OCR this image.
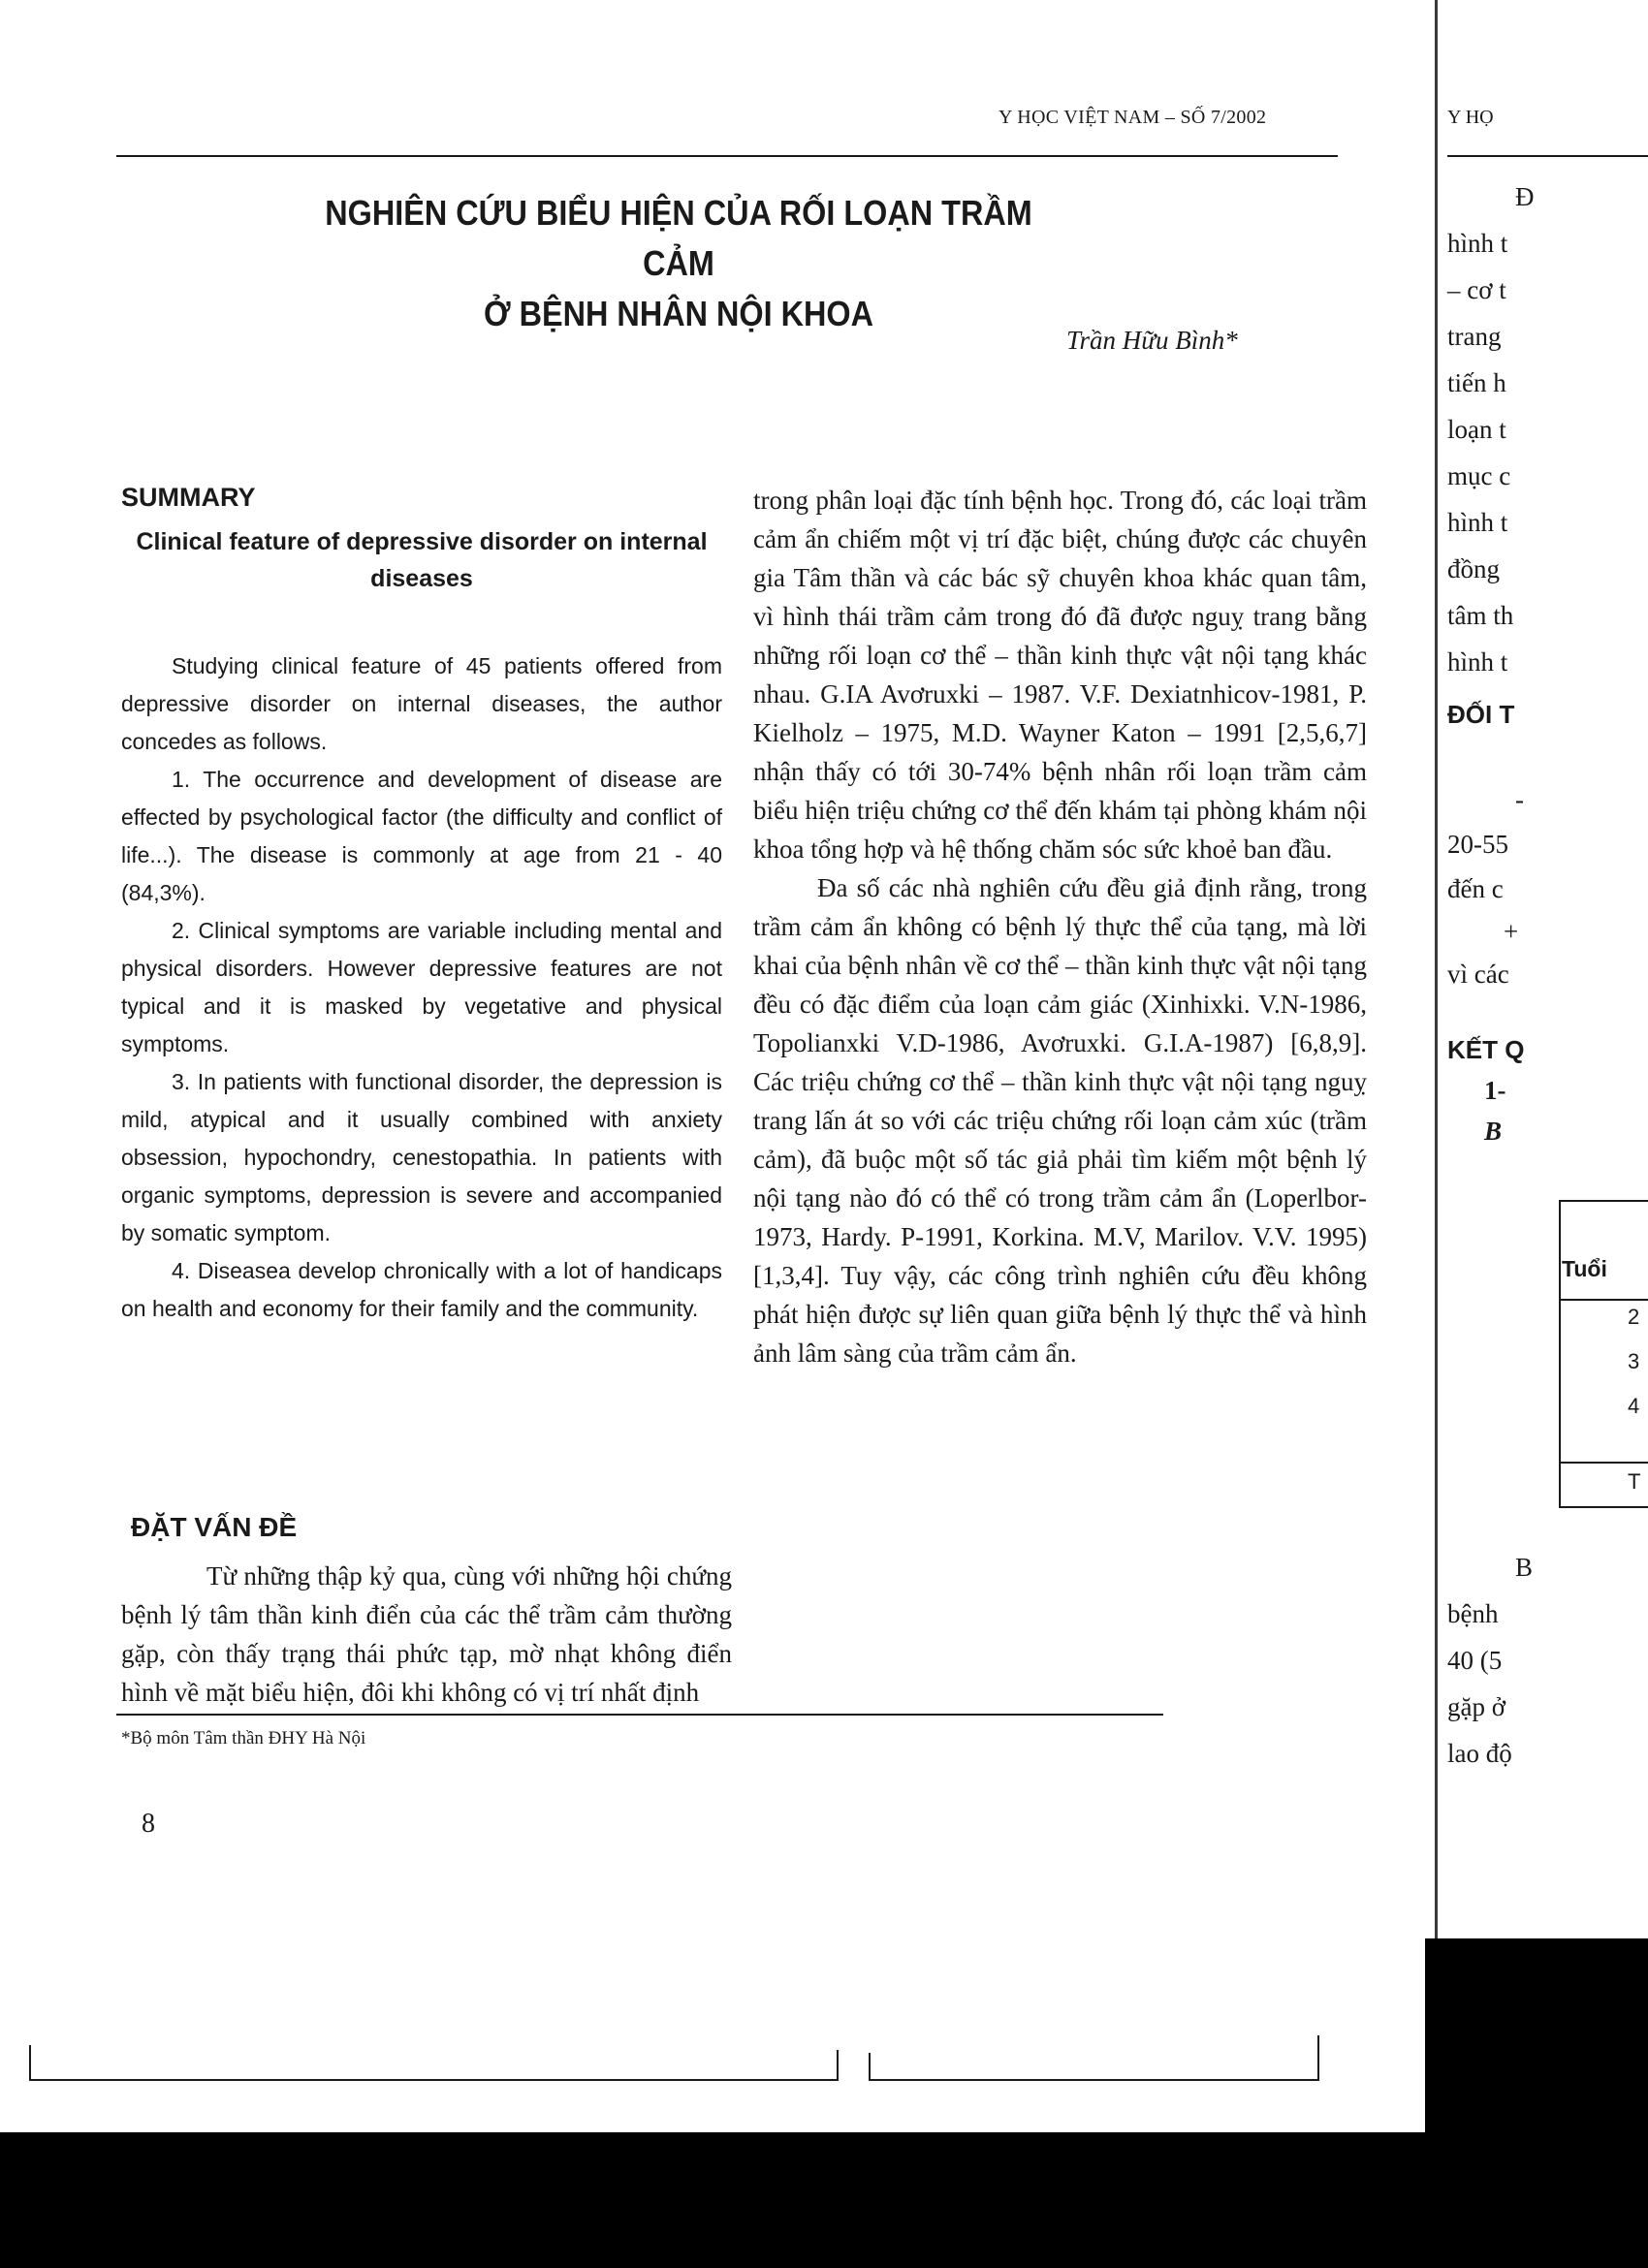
Y HỌC VIỆT NAM – SỐ 7/2002
NGHIÊN CỨU BIỂU HIỆN CỦA RỐI LOẠN TRẦM CẢM
Ở BỆNH NHÂN NỘI KHOA
Trần Hữu Bình*
SUMMARY
Clinical feature of depressive disorder on internal diseases

Studying clinical feature of 45 patients offered from depressive disorder on internal diseases, the author concedes as follows.

1. The occurrence and development of disease are effected by psychological factor (the difficulty and conflict of life...). The disease is commonly at age from 21 - 40 (84,3%).

2. Clinical symptoms are variable including mental and physical disorders. However depressive features are not typical and it is masked by vegetative and physical symptoms.

3. In patients with functional disorder, the depression is mild, atypical and it usually combined with anxiety obsession, hypochondry, cenestopathia. In patients with organic symptoms, depression is severe and accompanied by somatic symptom.

4. Diseasea develop chronically with a lot of handicaps on health and economy for their family and the community.

ĐẶT VẤN ĐỀ

Từ những thập kỷ qua, cùng với những hội chứng bệnh lý tâm thần kinh điển của các thể trầm cảm thường gặp, còn thấy trạng thái phức tạp, mờ nhạt không điển hình về mặt biểu hiện, đôi khi không có vị trí nhất định

trong phân loại đặc tính bệnh học. Trong đó, các loại trầm cảm ẩn chiếm một vị trí đặc biệt, chúng được các chuyên gia Tâm thần và các bác sỹ chuyên khoa khác quan tâm, vì hình thái trầm cảm trong đó đã được nguỵ trang bằng những rối loạn cơ thể – thần kinh thực vật nội tạng khác nhau. G.IA Avơruxki – 1987. V.F. Dexiatnhicov-1981, P. Kielholz – 1975, M.D. Wayner Katon – 1991 [2,5,6,7] nhận thấy có tới 30-74% bệnh nhân rối loạn trầm cảm biểu hiện triệu chứng cơ thể đến khám tại phòng khám nội khoa tổng hợp và hệ thống chăm sóc sức khoẻ ban đầu.

Đa số các nhà nghiên cứu đều giả định rằng, trong trầm cảm ẩn không có bệnh lý thực thể của tạng, mà lời khai của bệnh nhân về cơ thể – thần kinh thực vật nội tạng đều có đặc điểm của loạn cảm giác (Xinhixki. V.N-1986, Topolianxki V.D-1986, Avơruxki. G.I.A-1987) [6,8,9]. Các triệu chứng cơ thể – thần kinh thực vật nội tạng nguỵ trang lấn át so với các triệu chứng rối loạn cảm xúc (trầm cảm), đã buộc một số tác giả phải tìm kiếm một bệnh lý nội tạng nào đó có thể có trong trầm cảm ẩn (Loperlbor-1973, Hardy. P-1991, Korkina. M.V, Marilov. V.V. 1995) [1,3,4]. Tuy vậy, các công trình nghiên cứu đều không phát hiện được sự liên quan giữa bệnh lý thực thể và hình ảnh lâm sàng của trầm cảm ẩn.

*Bộ môn Tâm thần ĐHY Hà Nội
8
Y HỌ
Đ
hình t
– cơ t
trang
tiến h
loạn t
mục c
hình t
đồng
tâm th
hình t
ĐỐI T
-
20-55
đến c
+
vì các
KẾT Q
1-
B
Tuổi
2
3
4
T
B
bệnh
40 (5
gặp ở
lao độ
